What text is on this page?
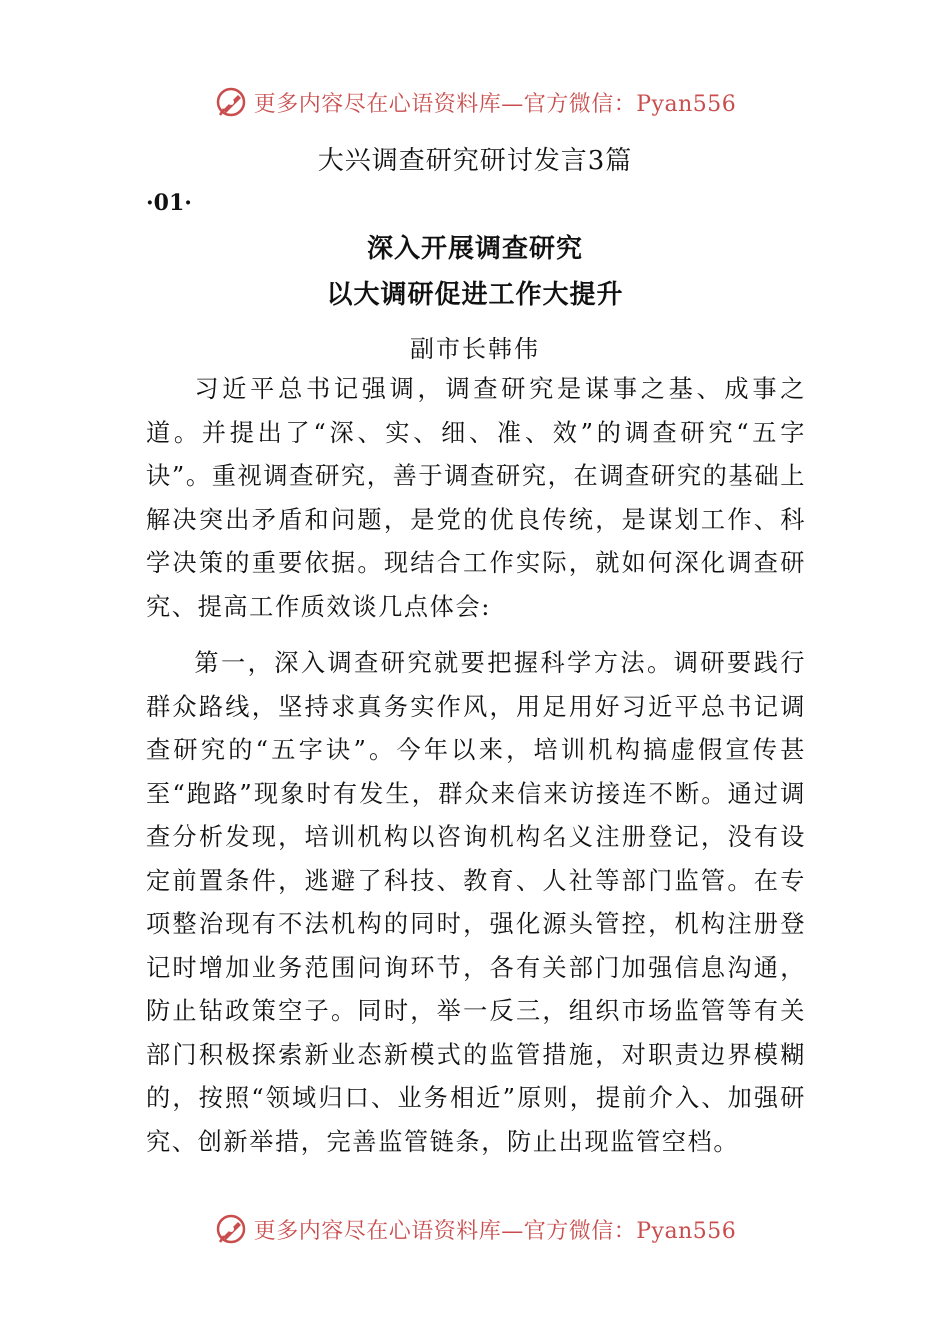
更多内容尽在心语资料库—官方微信：Pyan556
大兴调查研究研讨发言3篇
·01·
深入开展调查研究
以大调研促进工作大提升
副市长韩伟

习近平总书记强调，调查研究是谋事之基、成事之道。并提出了“深、实、细、准、效”的调查研究“五字诀”。重视调查研究，善于调查研究，在调查研究的基础上解决突出矛盾和问题，是党的优良传统，是谋划工作、科学决策的重要依据。现结合工作实际，就如何深化调查研究、提高工作质效谈几点体会:

第一，深入调查研究就要把握科学方法。调研要践行群众路线，坚持求真务实作风，用足用好习近平总书记调查研究的“五字诀”。今年以来，培训机构搞虚假宣传甚至“跑路”现象时有发生，群众来信来访接连不断。通过调查分析发现，培训机构以咨询机构名义注册登记，没有设定前置条件，逃避了科技、教育、人社等部门监管。在专项整治现有不法机构的同时，强化源头管控，机构注册登记时增加业务范围问询环节，各有关部门加强信息沟通，防止钻政策空子。同时，举一反三，组织市场监管等有关部门积极探索新业态新模式的监管措施，对职责边界模糊的，按照“领域归口、业务相近”原则，提前介入、加强研究、创新举措，完善监管链条，防止出现监管空档。

更多内容尽在心语资料库—官方微信：Pyan556
